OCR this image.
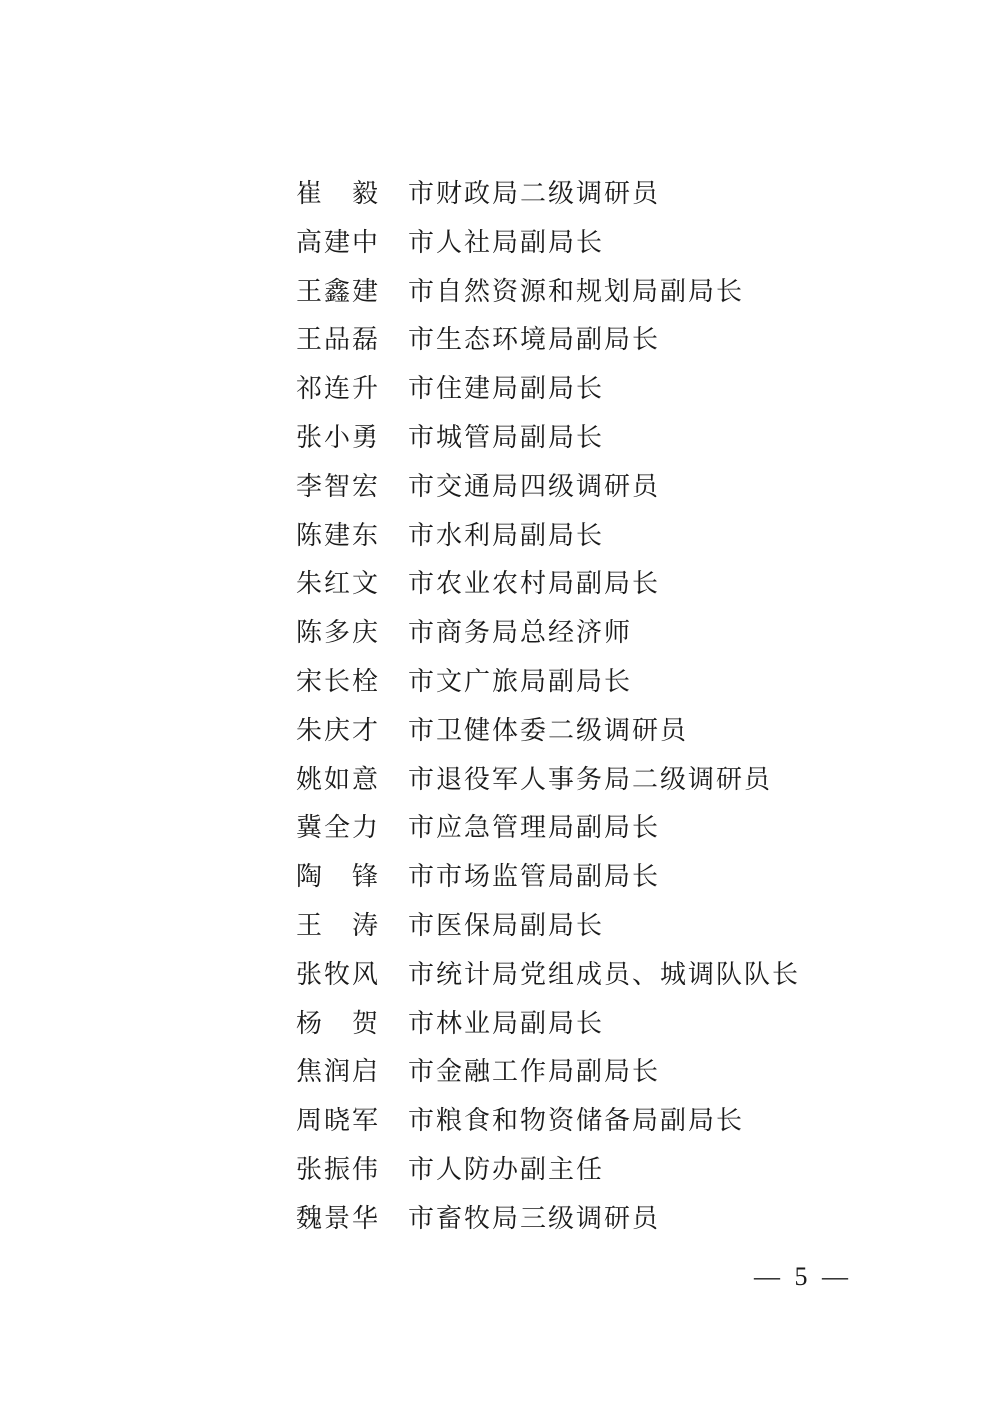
崔毅 市财政局二级调研员
高建中 市人社局副局长
王鑫建 市自然资源和规划局副局长
王品磊 市生态环境局副局长
祁连升 市住建局副局长
张小勇 市城管局副局长
李智宏 市交通局四级调研员
陈建东 市水利局副局长
朱红文 市农业农村局副局长
陈多庆 市商务局总经济师
宋长栓 市文广旅局副局长
朱庆才 市卫健体委二级调研员
姚如意 市退役军人事务局二级调研员
冀全力 市应急管理局副局长
陶锋 市市场监管局副局长
王涛 市医保局副局长
张牧风 市统计局党组成员、城调队队长
杨贺 市林业局副局长
焦润启 市金融工作局副局长
周晓军 市粮食和物资储备局副局长
张振伟 市人防办副主任
魏景华 市畜牧局三级调研员
— 5 —
